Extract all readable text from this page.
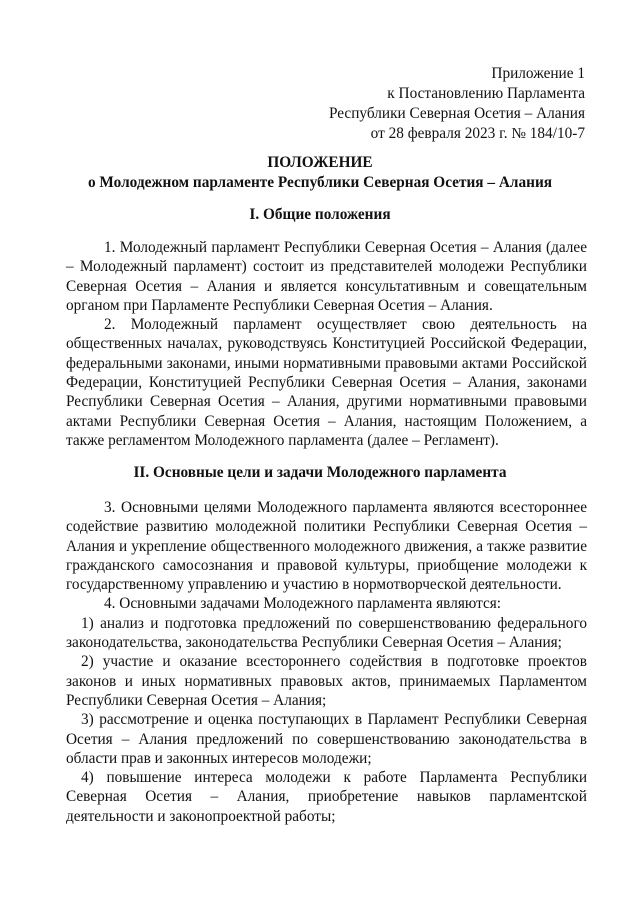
Приложение 1
к Постановлению Парламента
Республики Северная Осетия – Алания
от 28 февраля 2023 г. № 184/10-7
ПОЛОЖЕНИЕ
о Молодежном парламенте Республики Северная Осетия – Алания
I. Общие положения

1. Молодежный парламент Республики Северная Осетия – Алания (далее – Молодежный парламент) состоит из представителей молодежи Республики Северная Осетия – Алания и является консультативным и совещательным органом при Парламенте Республики Северная Осетия – Алания.

2. Молодежный парламент осуществляет свою деятельность на общественных началах, руководствуясь Конституцией Российской Федерации, федеральными законами, иными нормативными правовыми актами Российской Федерации, Конституцией Республики Северная Осетия – Алания, законами Республики Северная Осетия – Алания, другими нормативными правовыми актами Республики Северная Осетия – Алания, настоящим Положением, а также регламентом Молодежного парламента (далее – Регламент).

II. Основные цели и задачи Молодежного парламента

3. Основными целями Молодежного парламента являются всестороннее содействие развитию молодежной политики Республики Северная Осетия – Алания и укрепление общественного молодежного движения, а также развитие гражданского самосознания и правовой культуры, приобщение молодежи к государственному управлению и участию в нормотворческой деятельности.

4. Основными задачами Молодежного парламента являются:

1) анализ и подготовка предложений по совершенствованию федерального законодательства, законодательства Республики Северная Осетия – Алания;

2) участие и оказание всестороннего содействия в подготовке проектов законов и иных нормативных правовых актов, принимаемых Парламентом Республики Северная Осетия – Алания;

3) рассмотрение и оценка поступающих в Парламент Республики Северная Осетия – Алания предложений по совершенствованию законодательства в области прав и законных интересов молодежи;

4) повышение интереса молодежи к работе Парламента Республики Северная Осетия – Алания, приобретение навыков парламентской деятельности и законопроектной работы;
